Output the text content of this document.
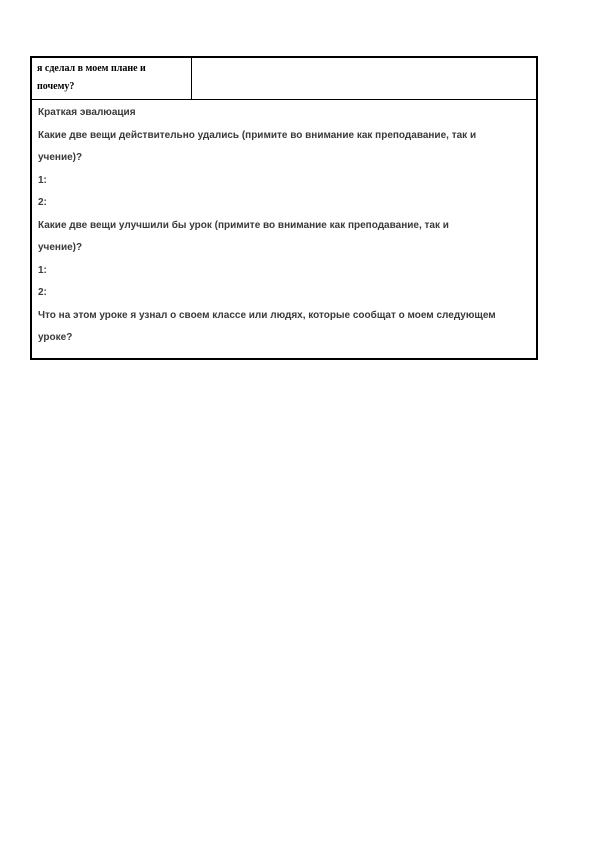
я сделал в моем плане и

почему?

Краткая эвалюация

Какие две вещи действительно удались (примите во внимание как преподавание, так и

учение)?

1:

2:

Какие две вещи улучшили бы урок (примите во внимание как преподавание, так и

учение)?

1:

2:

Что на этом уроке я узнал о своем классе или людях, которые сообщат о моем следующем

уроке?
